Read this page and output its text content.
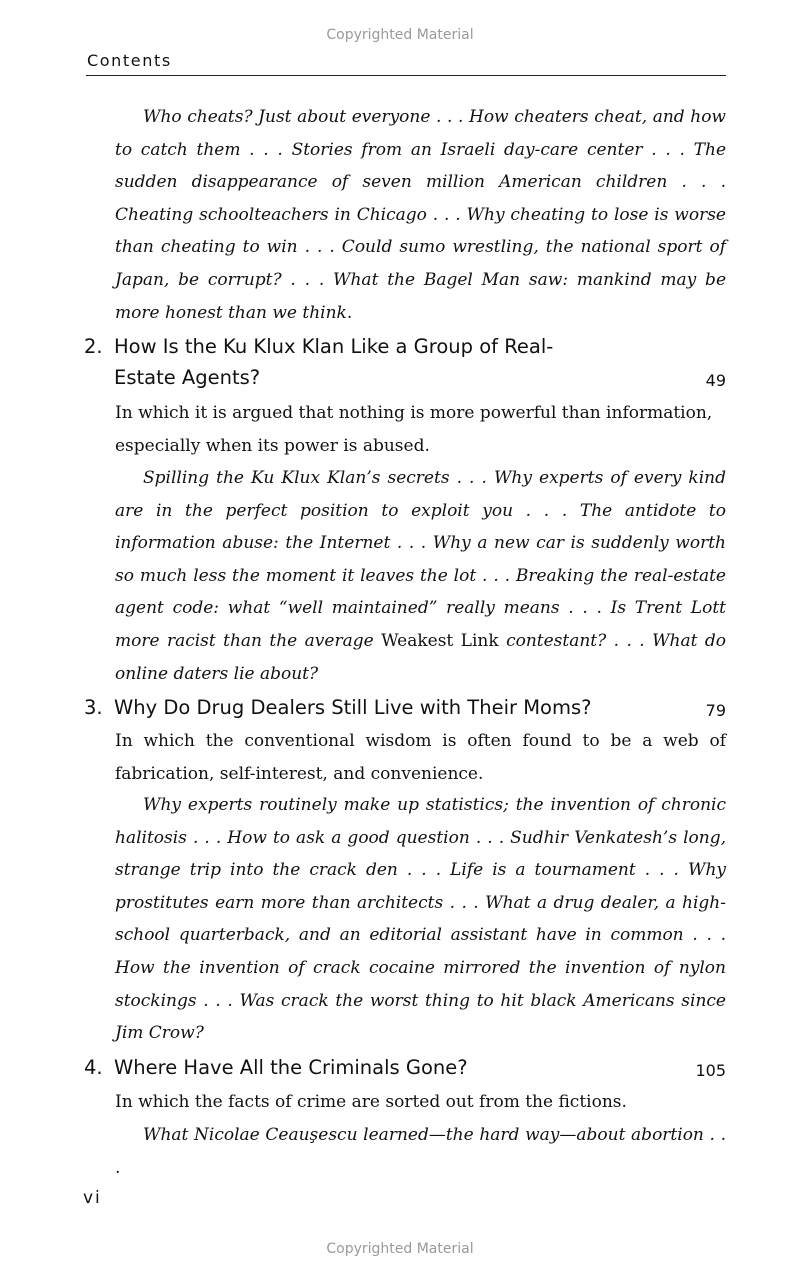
Copyrighted Material
Contents
Who cheats? Just about everyone . . . How cheaters cheat, and how to catch them . . . Stories from an Israeli day-care center . . . The sudden disappearance of seven million American children . . . Cheating schoolteachers in Chicago . . . Why cheating to lose is worse than cheating to win . . . Could sumo wrestling, the national sport of Japan, be corrupt? . . . What the Bagel Man saw: mankind may be more honest than we think.
2. How Is the Ku Klux Klan Like a Group of Real-Estate Agents?	49
In which it is argued that nothing is more powerful than information, especially when its power is abused.
Spilling the Ku Klux Klan’s secrets . . . Why experts of every kind are in the perfect position to exploit you . . . The antidote to information abuse: the Internet . . . Why a new car is suddenly worth so much less the moment it leaves the lot . . . Breaking the real-estate agent code: what “well maintained” really means . . . Is Trent Lott more racist than the average Weakest Link contestant? . . . What do online daters lie about?
3. Why Do Drug Dealers Still Live with Their Moms?	79
In which the conventional wisdom is often found to be a web of fabrication, self-interest, and convenience.
Why experts routinely make up statistics; the invention of chronic halitosis . . . How to ask a good question . . . Sudhir Venkatesh’s long, strange trip into the crack den . . . Life is a tournament . . . Why prostitutes earn more than architects . . . What a drug dealer, a high-school quarterback, and an editorial assistant have in common . . . How the invention of crack cocaine mirrored the invention of nylon stockings . . . Was crack the worst thing to hit black Americans since Jim Crow?
4. Where Have All the Criminals Gone?	105
In which the facts of crime are sorted out from the fictions.
What Nicolae Ceauşescu learned—the hard way—about abortion . . .
vi
Copyrighted Material
